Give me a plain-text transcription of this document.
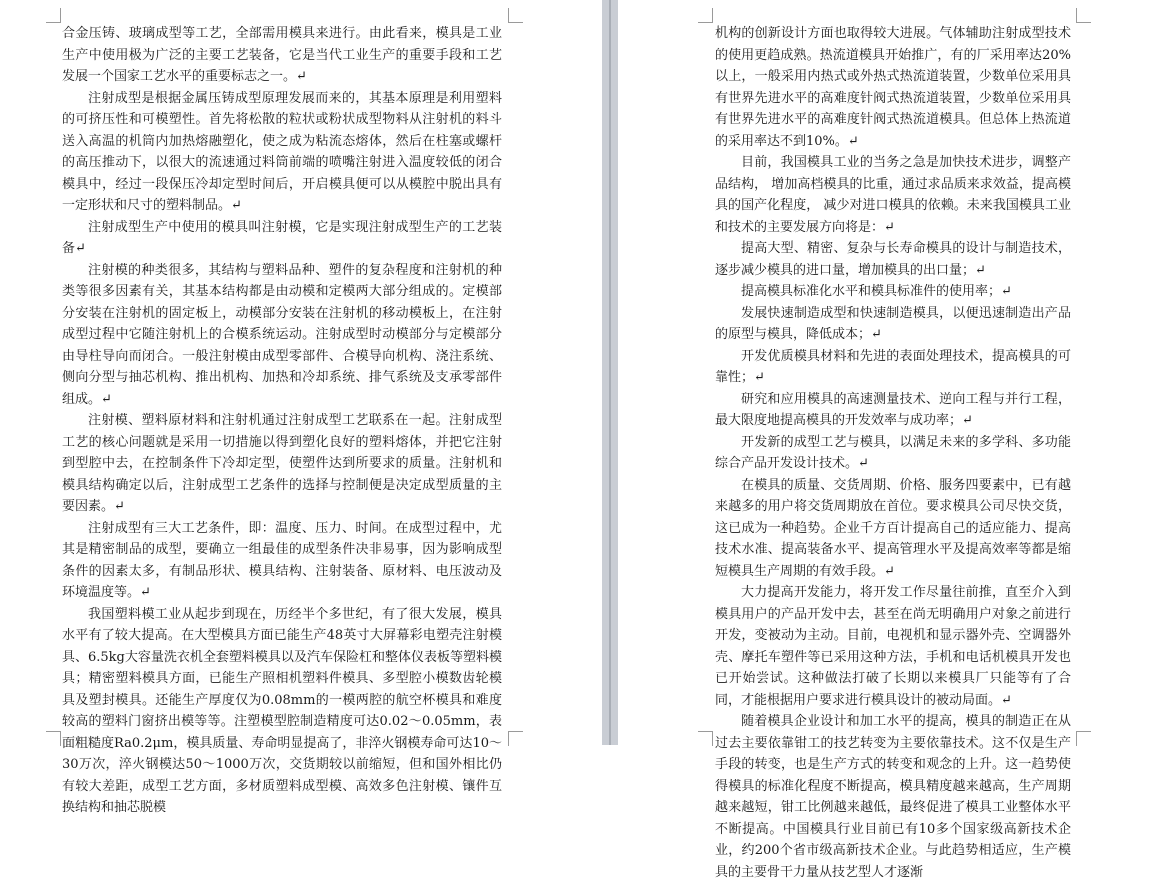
合金压铸、玻璃成型等工艺，全部需用模具来进行。由此看来，模具是工业生产中使用极为广泛的主要工艺装备，它是当代工业生产的重要手段和工艺发展一个国家工艺水平的重要标志之一。↵

注射成型是根据金属压铸成型原理发展而来的，其基本原理是利用塑料的可挤压性和可模塑性。首先将松散的粒状或粉状成型物料从注射机的料斗送入高温的机筒内加热熔融塑化，使之成为粘流态熔体，然后在柱塞或螺杆的高压推动下，以很大的流速通过料筒前端的喷嘴注射进入温度较低的闭合模具中，经过一段保压冷却定型时间后，开启模具便可以从模腔中脱出具有一定形状和尺寸的塑料制品。↵

注射成型生产中使用的模具叫注射模，它是实现注射成型生产的工艺装备↵

注射模的种类很多，其结构与塑料品种、塑件的复杂程度和注射机的种类等很多因素有关，其基本结构都是由动模和定模两大部分组成的。定模部分安装在注射机的固定板上，动模部分安装在注射机的移动模板上，在注射成型过程中它随注射机上的合模系统运动。注射成型时动模部分与定模部分由导柱导向而闭合。一般注射模由成型零部件、合模导向机构、浇注系统、侧向分型与抽芯机构、推出机构、加热和冷却系统、排气系统及支承零部件组成。↵

注射模、塑料原材料和注射机通过注射成型工艺联系在一起。注射成型工艺的核心问题就是采用一切措施以得到塑化良好的塑料熔体，并把它注射到型腔中去，在控制条件下冷却定型，使塑件达到所要求的质量。注射机和模具结构确定以后，注射成型工艺条件的选择与控制便是决定成型质量的主要因素。↵

注射成型有三大工艺条件，即：温度、压力、时间。在成型过程中，尤其是精密制品的成型，要确立一组最佳的成型条件决非易事，因为影响成型条件的因素太多，有制品形状、模具结构、注射装备、原材料、电压波动及环境温度等。↵

我国塑料模工业从起步到现在，历经半个多世纪，有了很大发展，模具水平有了较大提高。在大型模具方面已能生产48英寸大屏幕彩电塑壳注射模具、6.5kg大容量洗衣机全套塑料模具以及汽车保险杠和整体仪表板等塑料模具；精密塑料模具方面，已能生产照相机塑料件模具、多型腔小模数齿轮模具及塑封模具。还能生产厚度仅为0.08mm的一模两腔的航空杯模具和难度较高的塑料门窗挤出模等等。注塑模型腔制造精度可达0.02～0.05mm，表面粗糙度Ra0.2μm，模具质量、寿命明显提高了，非淬火钢模寿命可达10～30万次，淬火钢模达50～1000万次，交货期较以前缩短，但和国外相比仍有较大差距，成型工艺方面，多材质塑料成型模、高效多色注射模、镶件互换结构和抽芯脱模

机构的创新设计方面也取得较大进展。气体辅助注射成型技术的使用更趋成熟。热流道模具开始推广，有的厂采用率达20%以上，一般采用内热式或外热式热流道装置，少数单位采用具有世界先进水平的高难度针阀式热流道装置，少数单位采用具有世界先进水平的高难度针阀式热流道模具。但总体上热流道的采用率达不到10%。↵

目前，我国模具工业的当务之急是加快技术进步，调整产品结构， 增加高档模具的比重，通过求品质来求效益，提高模具的国产化程度， 减少对进口模具的依赖。未来我国模具工业和技术的主要发展方向将是：↵

提高大型、精密、复杂与长寿命模具的设计与制造技术，逐步减少模具的进口量，增加模具的出口量；↵

提高模具标准化水平和模具标准件的使用率；↵

发展快速制造成型和快速制造模具，以便迅速制造出产品的原型与模具，降低成本；↵

开发优质模具材料和先进的表面处理技术，提高模具的可靠性；↵

研究和应用模具的高速测量技术、逆向工程与并行工程，最大限度地提高模具的开发效率与成功率；↵

开发新的成型工艺与模具，以满足未来的多学科、多功能综合产品开发设计技术。↵

在模具的质量、交货周期、价格、服务四要素中，已有越来越多的用户将交货周期放在首位。要求模具公司尽快交货，这已成为一种趋势。企业千方百计提高自己的适应能力、提高技术水准、提高装备水平、提高管理水平及提高效率等都是缩短模具生产周期的有效手段。↵

大力提高开发能力，将开发工作尽量往前推，直至介入到模具用户的产品开发中去，甚至在尚无明确用户对象之前进行开发，变被动为主动。目前，电视机和显示器外壳、空调器外壳、摩托车塑件等已采用这种方法，手机和电话机模具开发也已开始尝试。这种做法打破了长期以来模具厂只能等有了合同，才能根据用户要求进行模具设计的被动局面。↵

随着模具企业设计和加工水平的提高，模具的制造正在从过去主要依靠钳工的技艺转变为主要依靠技术。这不仅是生产手段的转变，也是生产方式的转变和观念的上升。这一趋势使得模具的标准化程度不断提高，模具精度越来越高，生产周期越来越短，钳工比例越来越低，最终促进了模具工业整体水平不断提高。中国模具行业目前已有10多个国家级高新技术企业，约200个省市级高新技术企业。与此趋势相适应，生产模具的主要骨干力量从技艺型人才逐渐
